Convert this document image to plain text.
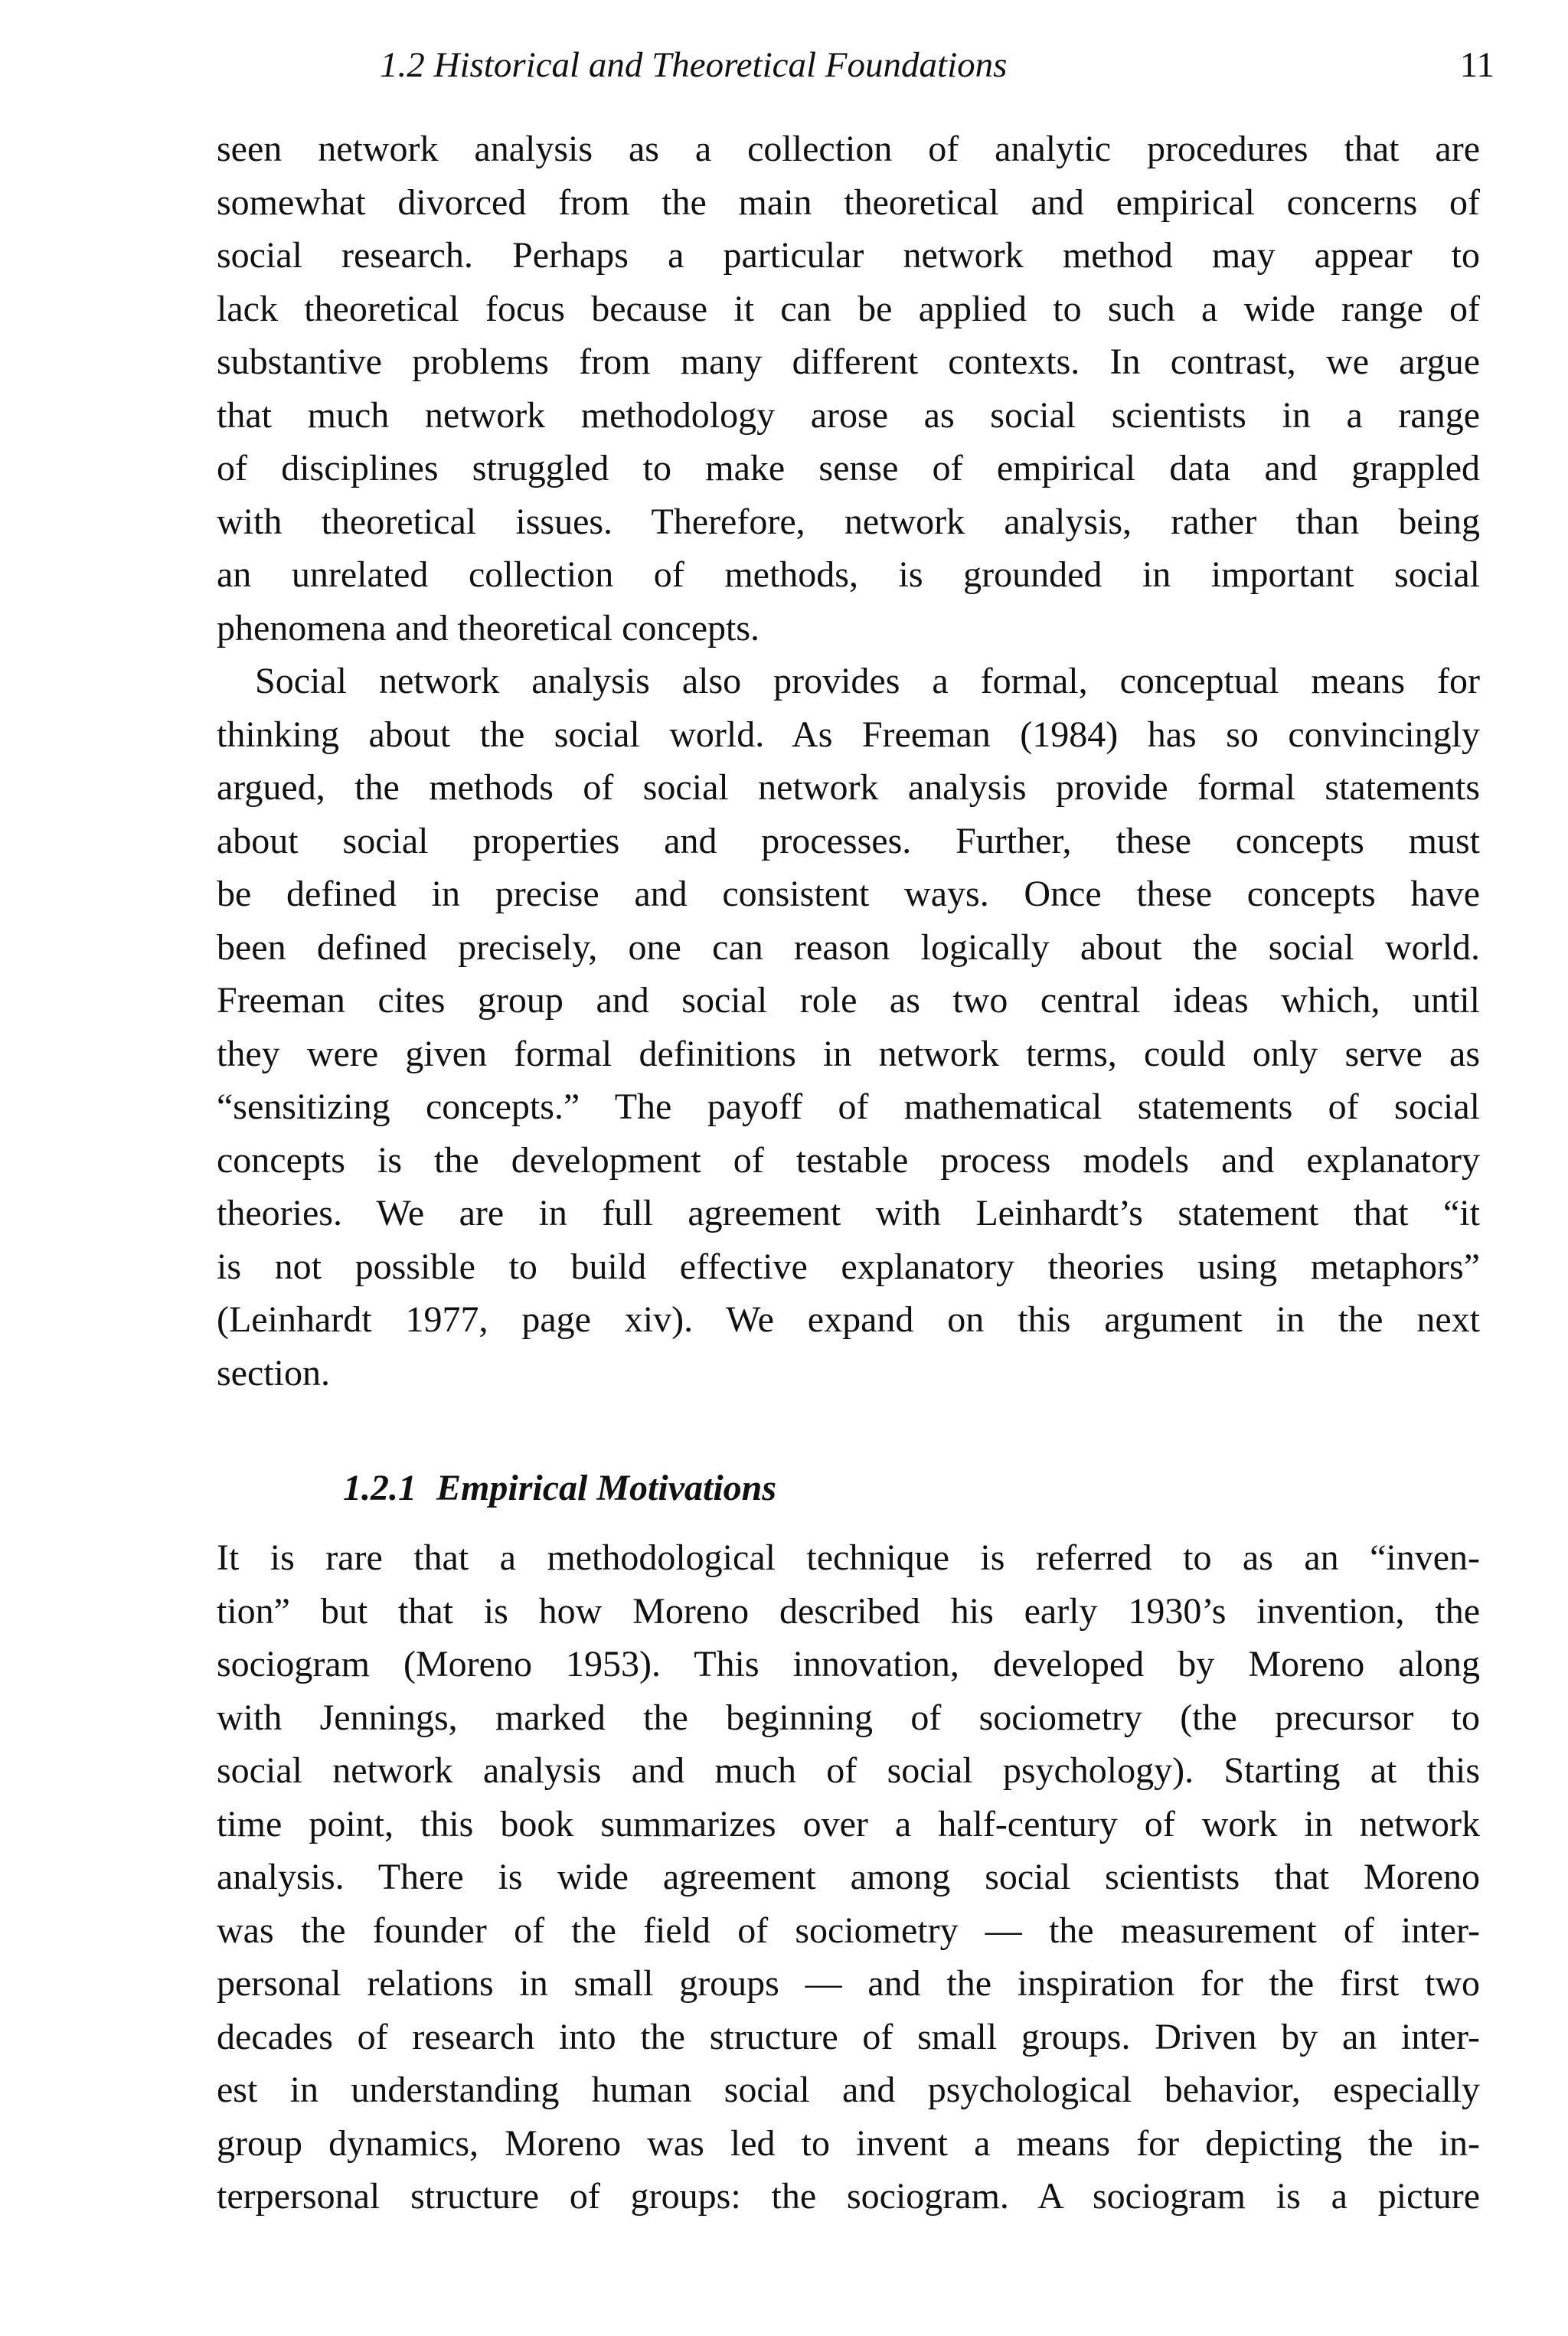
1.2 Historical and Theoretical Foundations	11
seen network analysis as a collection of analytic procedures that are
somewhat divorced from the main theoretical and empirical concerns of
social research. Perhaps a particular network method may appear to
lack theoretical focus because it can be applied to such a wide range of
substantive problems from many different contexts. In contrast, we argue
that much network methodology arose as social scientists in a range
of disciplines struggled to make sense of empirical data and grappled
with theoretical issues. Therefore, network analysis, rather than being
an unrelated collection of methods, is grounded in important social
phenomena and theoretical concepts.
Social network analysis also provides a formal, conceptual means for
thinking about the social world. As Freeman (1984) has so convincingly
argued, the methods of social network analysis provide formal statements
about social properties and processes. Further, these concepts must
be defined in precise and consistent ways. Once these concepts have
been defined precisely, one can reason logically about the social world.
Freeman cites group and social role as two central ideas which, until
they were given formal definitions in network terms, could only serve as
“sensitizing concepts.” The payoff of mathematical statements of social
concepts is the development of testable process models and explanatory
theories. We are in full agreement with Leinhardt’s statement that “it
is not possible to build effective explanatory theories using metaphors”
(Leinhardt 1977, page xiv). We expand on this argument in the next
section.
1.2.1 Empirical Motivations
It is rare that a methodological technique is referred to as an “inven-
tion” but that is how Moreno described his early 1930’s invention, the
sociogram (Moreno 1953). This innovation, developed by Moreno along
with Jennings, marked the beginning of sociometry (the precursor to
social network analysis and much of social psychology). Starting at this
time point, this book summarizes over a half-century of work in network
analysis. There is wide agreement among social scientists that Moreno
was the founder of the field of sociometry — the measurement of inter-
personal relations in small groups — and the inspiration for the first two
decades of research into the structure of small groups. Driven by an inter-
est in understanding human social and psychological behavior, especially
group dynamics, Moreno was led to invent a means for depicting the in-
terpersonal structure of groups: the sociogram. A sociogram is a picture
